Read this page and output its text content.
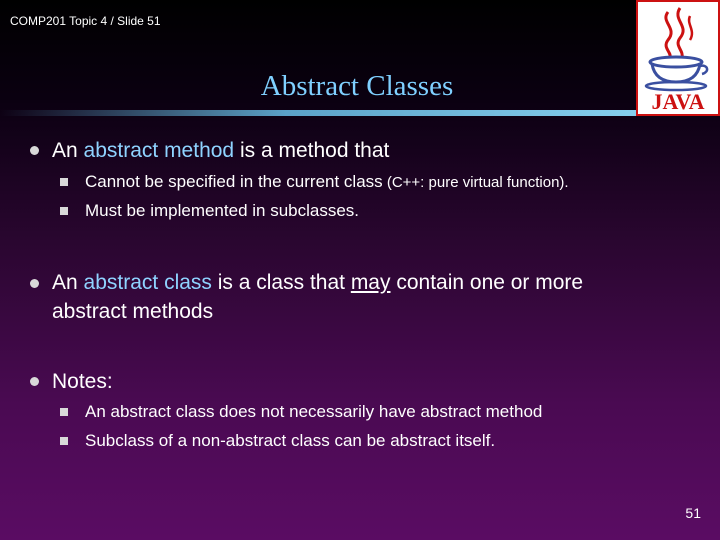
COMP201 Topic 4 / Slide 51
JAVA
Abstract Classes
An abstract method is a method that
Cannot be specified in the current class (C++: pure virtual function).
Must be implemented in subclasses.
An abstract class is a class that may contain one or more
abstract methods
Notes:
An abstract class does not necessarily have abstract method
Subclass of a non-abstract class can be abstract itself.
51
